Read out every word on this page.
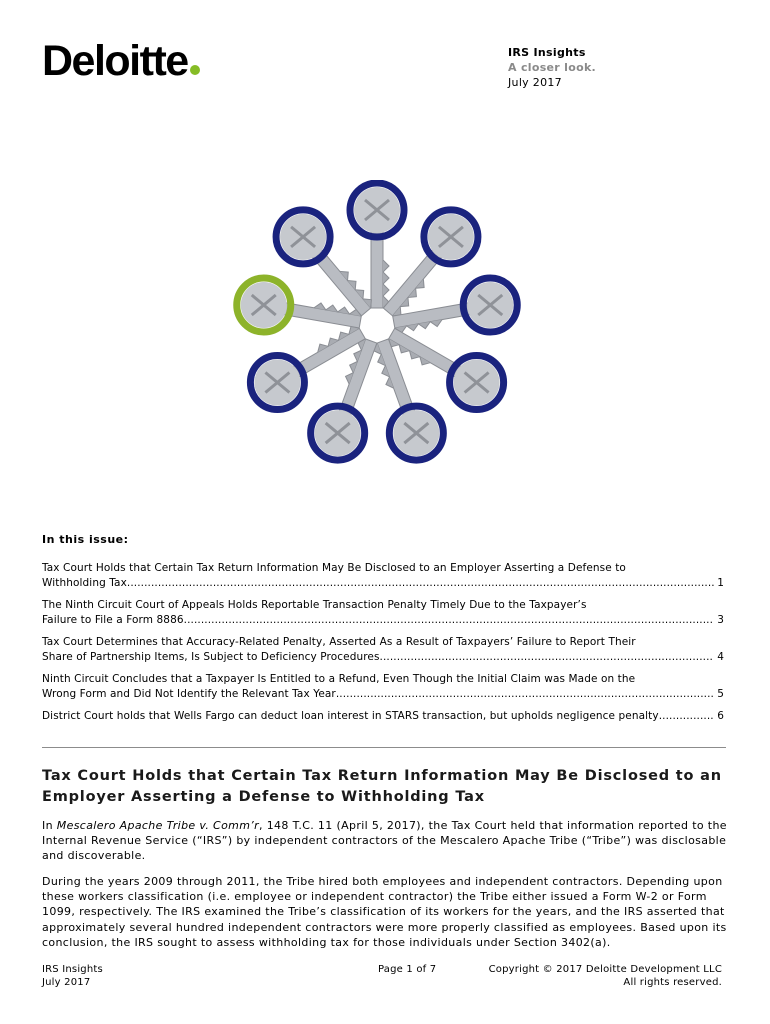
Deloitte	IRS Insights
A closer look.
July 2017
In this issue:
Tax Court Holds that Certain Tax Return Information May Be Disclosed to an Employer Asserting a Defense to
Withholding Tax .....	1
The Ninth Circuit Court of Appeals Holds Reportable Transaction Penalty Timely Due to the Taxpayer’s
Failure to File a Form 8886 .....	3
Tax Court Determines that Accuracy-Related Penalty, Asserted As a Result of Taxpayers’ Failure to Report Their
Share of Partnership Items, Is Subject to Deficiency Procedures .....	4
Ninth Circuit Concludes that a Taxpayer Is Entitled to a Refund, Even Though the Initial Claim was Made on the
Wrong Form and Did Not Identify the Relevant Tax Year .....	5
District Court holds that Wells Fargo can deduct loan interest in STARS transaction, but upholds negligence penalty .....	6
Tax Court Holds that Certain Tax Return Information May Be Disclosed to an Employer Asserting a Defense to Withholding Tax

In Mescalero Apache Tribe v. Comm’r, 148 T.C. 11 (April 5, 2017), the Tax Court held that information reported to the Internal Revenue Service (“IRS”) by independent contractors of the Mescalero Apache Tribe (“Tribe”) was disclosable and discoverable.

During the years 2009 through 2011, the Tribe hired both employees and independent contractors. Depending upon these workers classification (i.e. employee or independent contractor) the Tribe either issued a Form W-2 or Form 1099, respectively. The IRS examined the Tribe’s classification of its workers for the years, and the IRS asserted that approximately several hundred independent contractors were more properly classified as employees. Based upon its conclusion, the IRS sought to assess withholding tax for those individuals under Section 3402(a).

IRS Insights
July 2017
Page 1 of 7	Copyright © 2017 Deloitte Development LLC
All rights reserved.
